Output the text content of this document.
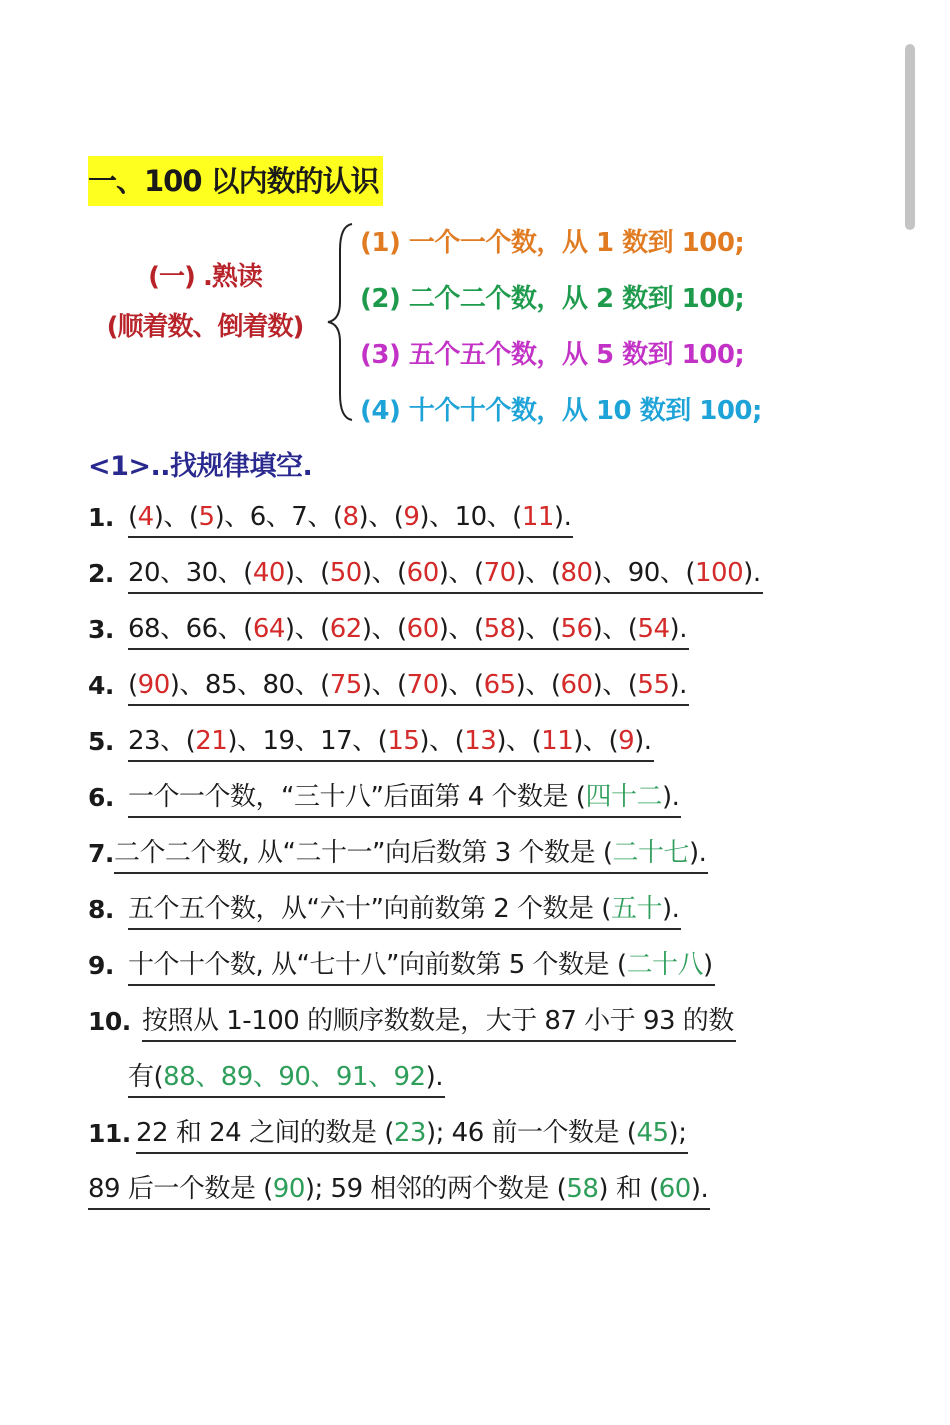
一、100 以内数的认识
(一) .熟读
(顺着数、倒着数)
(1) 一个一个数，从 1 数到 100;
(2) 二个二个数，从 2 数到 100;
(3) 五个五个数，从 5 数到 100;
(4) 十个十个数，从 10 数到 100;
<1>..找规律填空.
1. (4)、(5)、6、7、(8)、(9)、10、(11).
2. 20、30、(40)、(50)、(60)、(70)、(80)、90、(100).
3. 68、66、(64)、(62)、(60)、(58)、(56)、(54).
4. (90)、85、80、(75)、(70)、(65)、(60)、(55).
5. 23、(21)、19、17、(15)、(13)、(11)、(9).
6. 一个一个数，“三十八”后面第 4 个数是 (四十二).
7. 二个二个数, 从“二十一”向后数第 3 个数是 (二十七).
8. 五个五个数，从“六十”向前数第 2 个数是 (五十).
9. 十个十个数, 从“七十八”向前数第 5 个数是 (二十八)
10. 按照从 1-100 的顺序数数是，大于 87 小于 93 的数
有(88、89、90、91、92).
11. 22 和 24 之间的数是 (23); 46 前一个数是 (45);
89 后一个数是 (90); 59 相邻的两个数是 (58) 和 (60).
